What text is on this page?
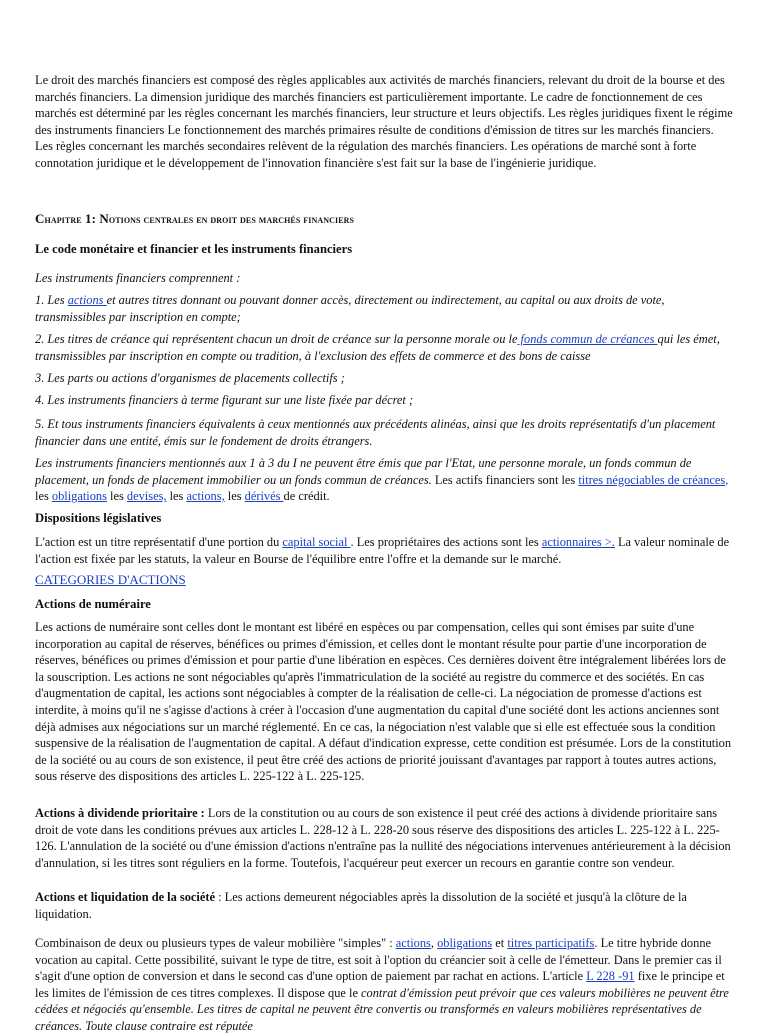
Le droit des marchés financiers est composé des règles applicables aux activités de marchés financiers, relevant du droit de la bourse et des marchés financiers. La dimension juridique des marchés financiers est particulièrement importante. Le cadre de fonctionnement de ces marchés est déterminé par les règles concernant les marchés financiers, leur structure et leurs objectifs. Les règles juridiques fixent le régime des instruments financiers Le fonctionnement des marchés primaires résulte de conditions d'émission de titres sur les marchés financiers. Les règles concernant les marchés secondaires relèvent de la régulation des marchés financiers. Les opérations de marché sont à forte connotation juridique et le développement de l'innovation financière s'est fait sur la base de l'ingénierie juridique.

Chapitre 1: Notions centrales en droit des marchés financiers

Le code monétaire et financier et les instruments financiers

Les instruments financiers comprennent :

1. Les actions et autres titres donnant ou pouvant donner accès, directement ou indirectement, au capital ou aux droits de vote, transmissibles par inscription en compte;

2. Les titres de créance qui représentent chacun un droit de créance sur la personne morale ou le fonds commun de créances qui les émet, transmissibles par inscription en compte ou tradition, à l'exclusion des effets de commerce et des bons de caisse

3. Les parts ou actions d'organismes de placements collectifs ;

4. Les instruments financiers à terme figurant sur une liste fixée par décret ;

5. Et tous instruments financiers équivalents à ceux mentionnés aux précédents alinéas, ainsi que les droits représentatifs d'un placement financier dans une entité, émis sur le fondement de droits étrangers.

Les instruments financiers mentionnés aux 1 à 3 du I ne peuvent être émis que par l'Etat, une personne morale, un fonds commun de placement, un fonds de placement immobilier ou un fonds commun de créances. Les actifs financiers sont les titres négociables de créances, les obligations les devises, les actions, les dérivés de crédit.

Dispositions législatives

L'action est un titre représentatif d'une portion du capital social . Les propriétaires des actions sont les actionnaires >. La valeur nominale de l'action est fixée par les statuts, la valeur en Bourse de l'équilibre entre l'offre et la demande sur le marché.

CATEGORIES D'ACTIONS

Actions de numéraire

Les actions de numéraire sont celles dont le montant est libéré en espèces ou par compensation, celles qui sont émises par suite d'une incorporation au capital de réserves, bénéfices ou primes d'émission, et celles dont le montant résulte pour partie d'une incorporation de réserves, bénéfices ou primes d'émission et pour partie d'une libération en espèces. Ces dernières doivent être intégralement libérées lors de la souscription. Les actions ne sont négociables qu'après l'immatriculation de la société au registre du commerce et des sociétés. En cas d'augmentation de capital, les actions sont négociables à compter de la réalisation de celle-ci. La négociation de promesse d'actions est interdite, à moins qu'il ne s'agisse d'actions à créer à l'occasion d'une augmentation du capital d'une société dont les actions anciennes sont déjà admises aux négociations sur un marché réglementé. En ce cas, la négociation n'est valable que si elle est effectuée sous la condition suspensive de la réalisation de l'augmentation de capital. A défaut d'indication expresse, cette condition est présumée. Lors de la constitution de la société ou au cours de son existence, il peut être créé des actions de priorité jouissant d'avantages par rapport à toutes autres actions, sous réserve des dispositions des articles L. 225-122 à L. 225-125.

Actions à dividende prioritaire : Lors de la constitution ou au cours de son existence il peut créé des actions à dividende prioritaire sans droit de vote dans les conditions prévues aux articles L. 228-12 à L. 228-20 sous réserve des dispositions des articles L. 225-122 à L. 225-126. L'annulation de la société ou d'une émission d'actions n'entraîne pas la nullité des négociations intervenues antérieurement à la décision d'annulation, si les titres sont réguliers en la forme. Toutefois, l'acquéreur peut exercer un recours en garantie contre son vendeur.

Actions et liquidation de la société : Les actions demeurent négociables après la dissolution de la société et jusqu'à la clôture de la liquidation.

Combinaison de deux ou plusieurs types de valeur mobilière "simples" : actions, obligations et titres participatifs. Le titre hybride donne vocation au capital. Cette possibilité, suivant le type de titre, est soit à l'option du créancier soit à celle de l'émetteur. Dans le premier cas il s'agit d'une option de conversion et dans le second cas d'une option de paiement par rachat en actions. L'article L 228 -91 fixe le principe et les limites de l'émission de ces titres complexes. Il dispose que le contrat d'émission peut prévoir que ces valeurs mobilières ne peuvent être cédées et négociés qu'ensemble. Les titres de capital ne peuvent être convertis ou transformés en valeurs mobilières représentatives de créances. Toute clause contraire est réputée
